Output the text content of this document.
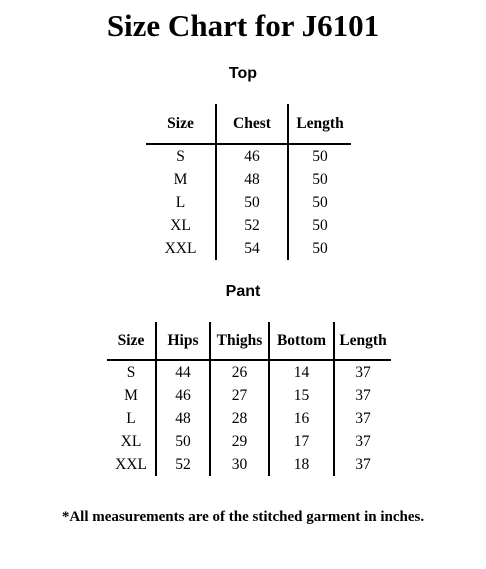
Size Chart for J6101
Top
Size	Chest	Length
S	46	50
M	48	50
L	50	50
XL	52	50
XXL	54	50
Pant
Size	Hips	Thighs	Bottom	Length
S	44	26	14	37
M	46	27	15	37
L	48	28	16	37
XL	50	29	17	37
XXL	52	30	18	37

*All measurements are of the stitched garment in inches.
